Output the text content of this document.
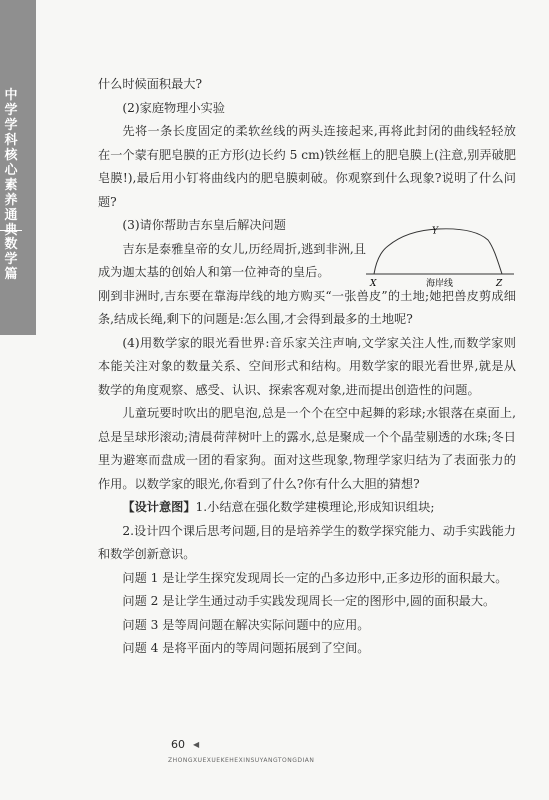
中
学
学
科
核
心
素
养
通
典
数
学
篇

什么时候面积最大?

(2)家庭物理小实验

先将一条长度固定的柔软丝线的两头连接起来,再将此封闭的曲线轻轻放在一个蒙有肥皂膜的正方形(边长约 5 cm)铁丝框上的肥皂膜上(注意,别弄破肥皂膜!),最后用小钉将曲线内的肥皂膜刺破。你观察到什么现象?说明了什么问题?

(3)请你帮助吉东皇后解决问题

吉东是泰雅皇帝的女儿,历经周折,逃到非洲,且成为迦太基的创始人和第一位神奇的皇后。

X
Y
Z
海岸线

刚到非洲时,吉东要在靠海岸线的地方购买“一张兽皮”的土地;她把兽皮剪成细条,结成长绳,剩下的问题是:怎么围,才会得到最多的土地呢?

(4)用数学家的眼光看世界:音乐家关注声响,文学家关注人性,而数学家则本能关注对象的数量关系、空间形式和结构。用数学家的眼光看世界,就是从数学的角度观察、感受、认识、探索客观对象,进而提出创造性的问题。

儿童玩要时吹出的肥皂泡,总是一个个在空中起舞的彩球;水银落在桌面上,总是呈球形滚动;清晨荷萍树叶上的露水,总是聚成一个个晶莹剔透的水珠;冬日里为避寒而盘成一团的看家狗。面对这些现象,物理学家归结为了表面张力的作用。以数学家的眼光,你看到了什么?你有什么大胆的猜想?

【设计意图】1.小结意在强化数学建模理论,形成知识组块;

2.设计四个课后思考问题,目的是培养学生的数学探究能力、动手实践能力和数学创新意识。

问题 1 是让学生探究发现周长一定的凸多边形中,正多边形的面积最大。

问题 2 是让学生通过动手实践发现周长一定的图形中,圆的面积最大。

问题 3 是等周问题在解决实际问题中的应用。

问题 4 是将平面内的等周问题拓展到了空间。

60 ◀
ZHONGXUEXUEKEHEXINSUYANGTONGDIAN
